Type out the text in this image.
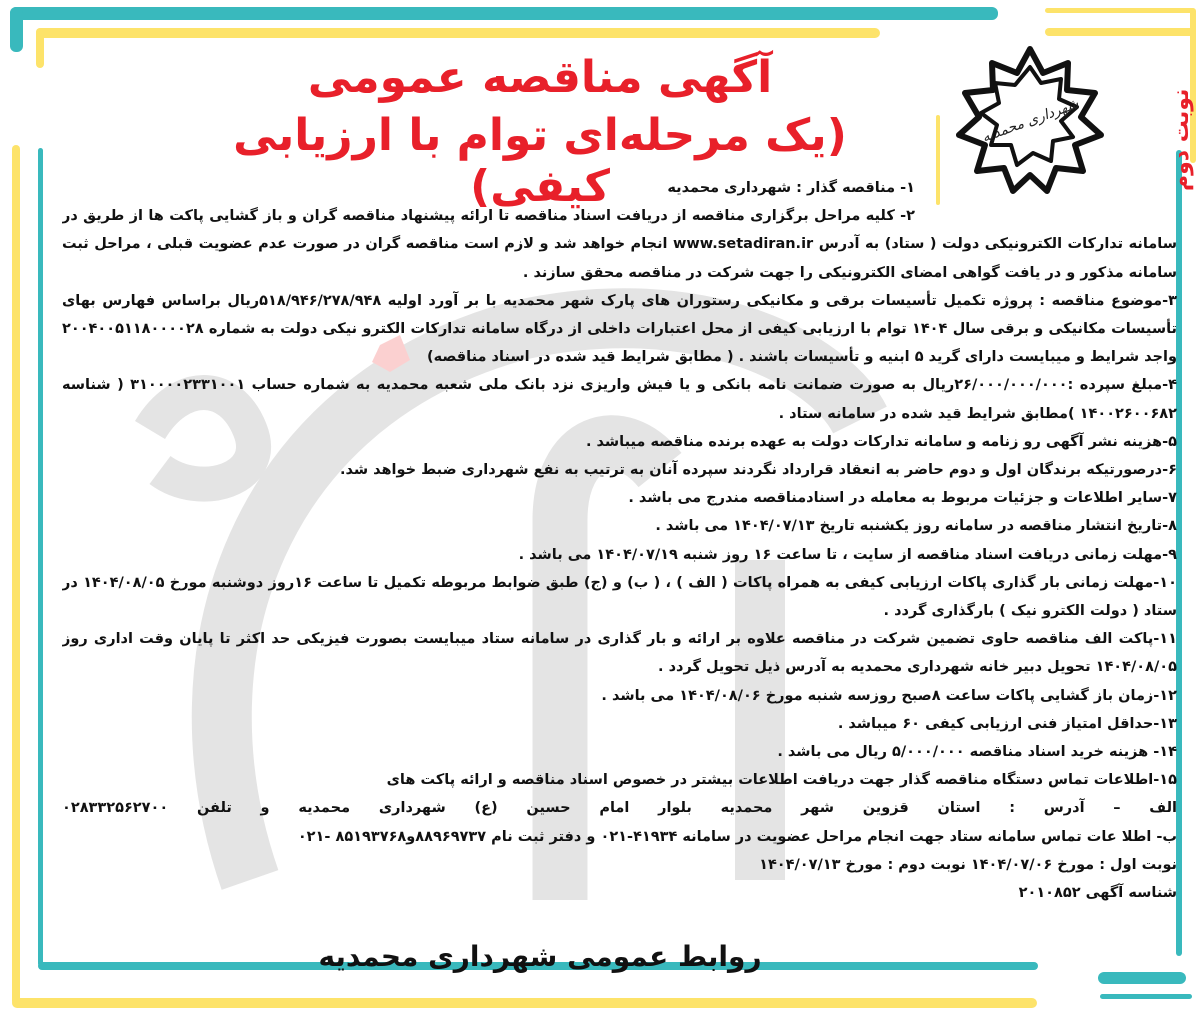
شهرداری محمدیه	نوبت دوم
آگهی مناقصه عمومی
(یک مرحله‌ای توام با ارزیابی کیفی)	۱- مناقصه گذار : شهرداری محمدیه
۲- کلیه مراحل برگزاری مناقصه از دریافت اسناد مناقصه تا ارائه پیشنهاد مناقصه گران و باز گشایی پاکت ها از طریق در
سامانه تدارکات الکترونیکی دولت ( ستاد) به آدرس www.setadiran.ir انجام خواهد شد و لازم است مناقصه گران در صورت عدم عضویت قبلی ، مراحل ثبت
سامانه مذکور و در یافت گواهی امضای الکترونیکی را جهت شرکت در مناقصه محقق سازند .
۳-موضوع مناقصه : پروژه تکمیل تأسیسات برقی و مکانیکی رستوران های پارک شهر محمدیه با بر آورد اولیه ۵۱۸/۹۴۶/۲۷۸/۹۴۸ریال براساس فهارس بهای
تأسیسات مکانیکی و برقی سال ۱۴۰۴ توام با ارزیابی کیفی از محل اعتبارات داخلی از درگاه سامانه تدارکات الکترو نیکی دولت به شماره ۲۰۰۴۰۰۵۱۱۸۰۰۰۰۲۸
واجد شرایط و میبایست دارای گرید ۵ ابنیه و تأسیسات باشند . ( مطابق شرایط قید شده در اسناد مناقصه)
۴-مبلغ سپرده :۲۶/۰۰۰/۰۰۰/۰۰۰ریال به صورت ضمانت نامه بانکی و یا فیش واریزی نزد بانک ملی شعبه محمدیه به شماره حساب ۳۱۰۰۰۰۲۳۳۱۰۰۱ ( شناسه
۱۴۰۰۲۶۰۰۶۸۲ )مطابق شرایط قید شده در سامانه ستاد .
۵-هزینه نشر آگهی رو زنامه و سامانه تدارکات دولت به عهده برنده مناقصه میباشد .
۶-درصورتیکه برندگان اول و دوم حاضر به انعقاد قرارداد نگردند سپرده آنان به ترتیب به نفع شهرداری ضبط خواهد شد.
۷-سایر اطلاعات و جزئیات مربوط به معامله در اسنادمناقصه مندرج می باشد .
۸-تاریخ انتشار مناقصه در سامانه روز یکشنبه تاریخ ۱۴۰۴/۰۷/۱۳ می باشد .
۹-مهلت زمانی دریافت اسناد مناقصه از سایت ، تا ساعت ۱۶ روز شنبه ۱۴۰۴/۰۷/۱۹ می باشد .
۱۰-مهلت زمانی بار گذاری پاکات ارزیابی کیفی به همراه پاکات ( الف ) ، ( ب) و (ج) طبق ضوابط مربوطه تکمیل تا ساعت ۱۶روز دوشنبه مورخ ۱۴۰۴/۰۸/۰۵ در
ستاد ( دولت الکترو نیک ) بارگذاری گردد .
۱۱-پاکت الف مناقصه حاوی تضمین شرکت در مناقصه علاوه بر ارائه و بار گذاری در سامانه ستاد میبایست بصورت فیزیکی حد اکثر تا پایان وقت اداری روز
۱۴۰۴/۰۸/۰۵ تحویل دبیر خانه شهرداری محمدیه به آدرس ذیل تحویل گردد .
۱۲-زمان باز گشایی پاکات ساعت ۸صبح روزسه شنبه مورخ ۱۴۰۴/۰۸/۰۶ می باشد .
۱۳-حداقل امتیاز فنی ارزیابی کیفی ۶۰ میباشد .
۱۴- هزینه خرید اسناد مناقصه ۵/۰۰۰/۰۰۰ ریال می باشد .
۱۵-اطلاعات تماس دستگاه مناقصه گذار جهت دریافت اطلاعات بیشتر در خصوص اسناد مناقصه و ارائه پاکت های
الف – آدرس : استان قزوین شهر محمدیه بلوار امام حسین (ع) شهرداری محمدیه و تلفن ۰۲۸۳۳۲۵۶۲۷۰۰
ب- اطلا عات تماس سامانه ستاد جهت انجام مراحل عضویت در سامانه ۴۱۹۳۴-۰۲۱ و دفتر ثبت نام ۸۸۹۶۹۷۳۷و۸۵۱۹۳۷۶۸ -۰۲۱
نوبت اول : مورخ ۱۴۰۴/۰۷/۰۶ نوبت دوم : مورخ ۱۴۰۴/۰۷/۱۳
شناسه آگهی ۲۰۱۰۸۵۲
روابط عمومی شهرداری محمدیه
